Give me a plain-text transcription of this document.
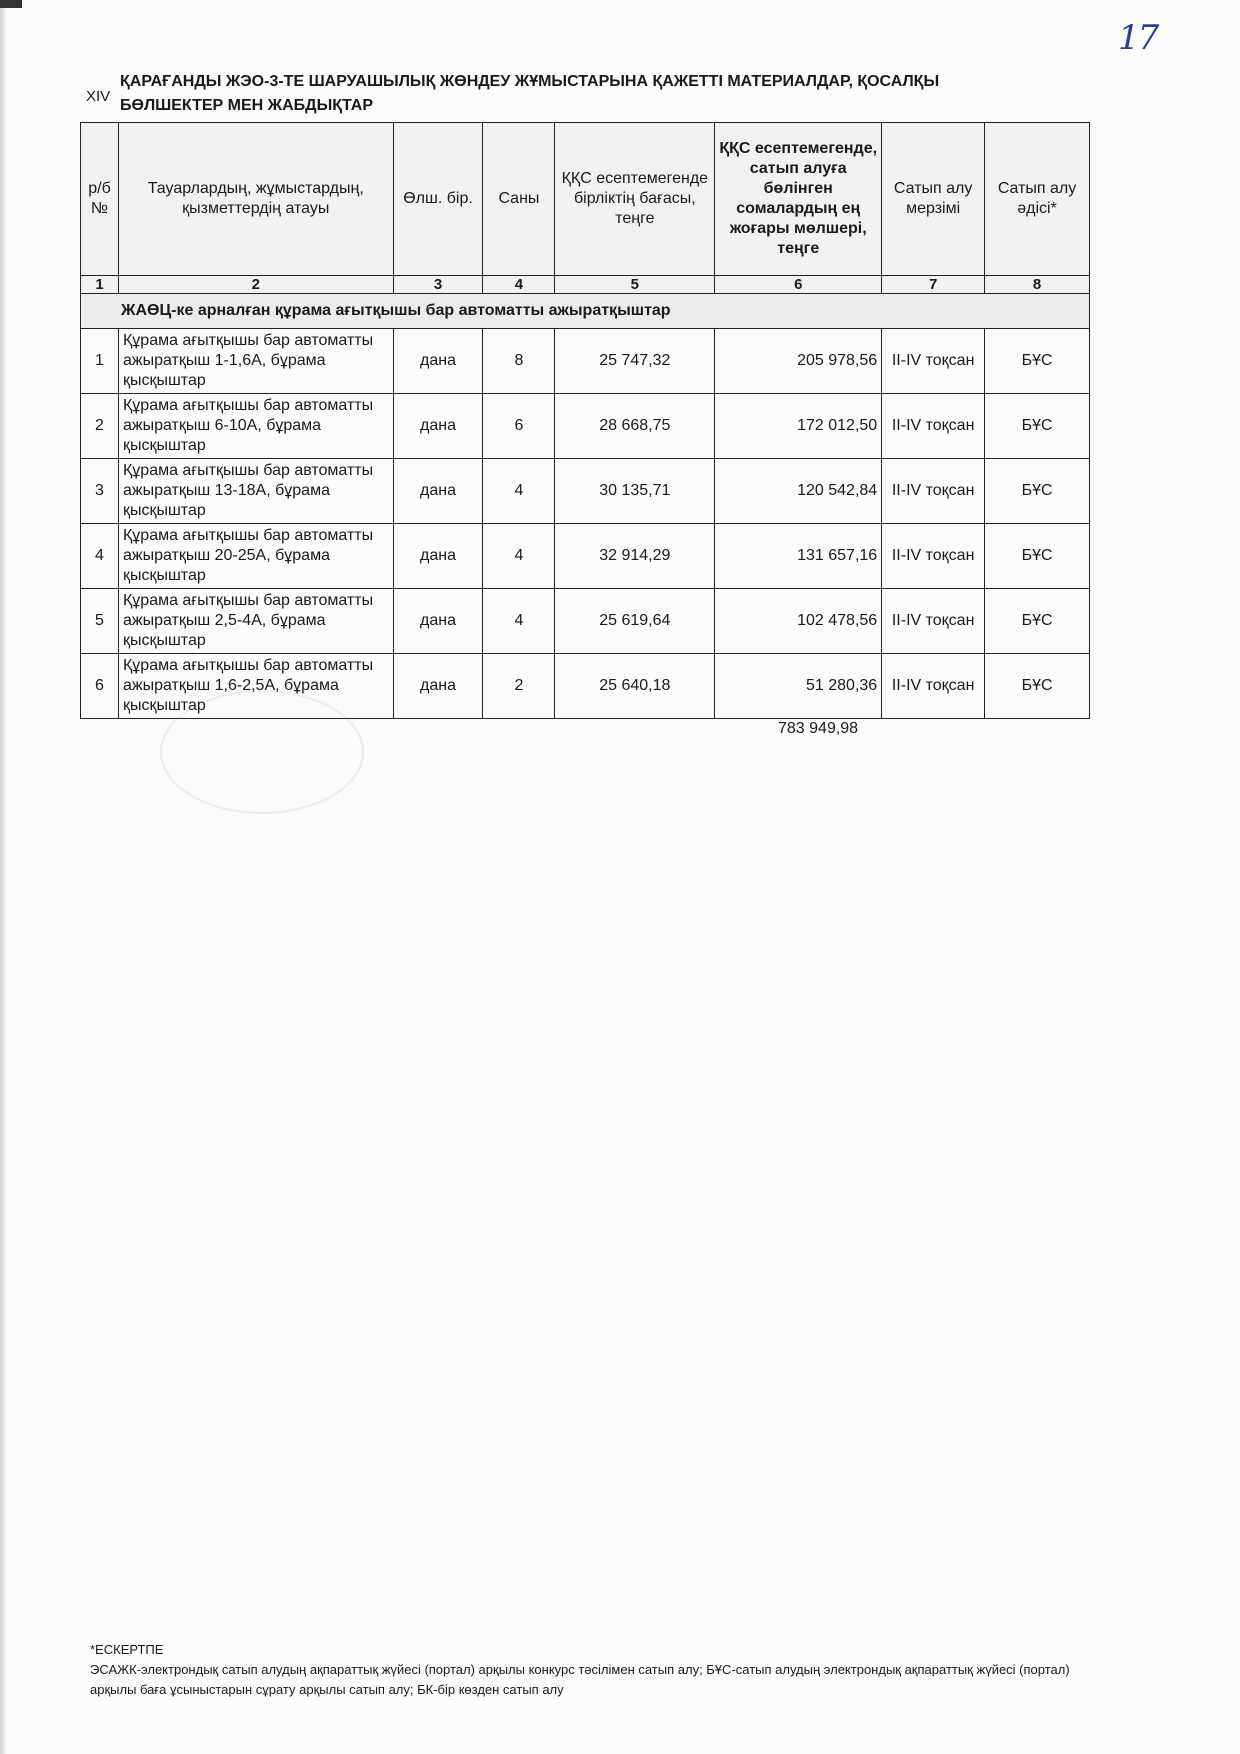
17
XIV
ҚАРАҒАНДЫ ЖЭО-3-ТЕ ШАРУАШЫЛЫҚ ЖӨНДЕУ ЖҰМЫСТАРЫНА ҚАЖЕТТІ МАТЕРИАЛДАР, ҚОСАЛҚЫ БӨЛШЕКТЕР МЕН ЖАБДЫҚТАР
р/б №	Тауарлардың, жұмыстардың, қызметтердің атауы	Өлш. бір.	Саны	ҚҚС есептемегенде бірліктің бағасы, теңге	ҚҚС есептемегенде, сатып алуға бөлінген сомалардың ең жоғары мөлшері, теңге	Сатып алу мерзімі	Сатып алу әдісі*
1	2	3	4	5	6	7	8
ЖАӨЦ-ке арналған құрама ағытқышы бар автоматты ажыратқыштар							
1	Құрама ағытқышы бар автоматты ажыратқыш 1-1,6А, бұрама қысқыштар	дана	8	25 747,32	205 978,56	II-IV тоқсан	БҰС
2	Құрама ағытқышы бар автоматты ажыратқыш 6-10А, бұрама қысқыштар	дана	6	28 668,75	172 012,50	II-IV тоқсан	БҰС
3	Құрама ағытқышы бар автоматты ажыратқыш 13-18А, бұрама қысқыштар	дана	4	30 135,71	120 542,84	II-IV тоқсан	БҰС
4	Құрама ағытқышы бар автоматты ажыратқыш 20-25А, бұрама қысқыштар	дана	4	32 914,29	131 657,16	II-IV тоқсан	БҰС
5	Құрама ағытқышы бар автоматты ажыратқыш 2,5-4А, бұрама қысқыштар	дана	4	25 619,64	102 478,56	II-IV тоқсан	БҰС
6	Құрама ағытқышы бар автоматты ажыратқыш 1,6-2,5А, бұрама қысқыштар	дана	2	25 640,18	51 280,36	II-IV тоқсан	БҰС
783 949,98
*ЕСКЕРТПЕ
ЭСАЖК-электрондық сатып алудың ақпараттық жүйесі (портал) арқылы конкурс тәсілімен сатып алу; БҰС-сатып алудың электрондық ақпараттық жүйесі (портал) арқылы баға ұсыныстарын сұрату арқылы сатып алу; БК-бір көзден сатып алу
